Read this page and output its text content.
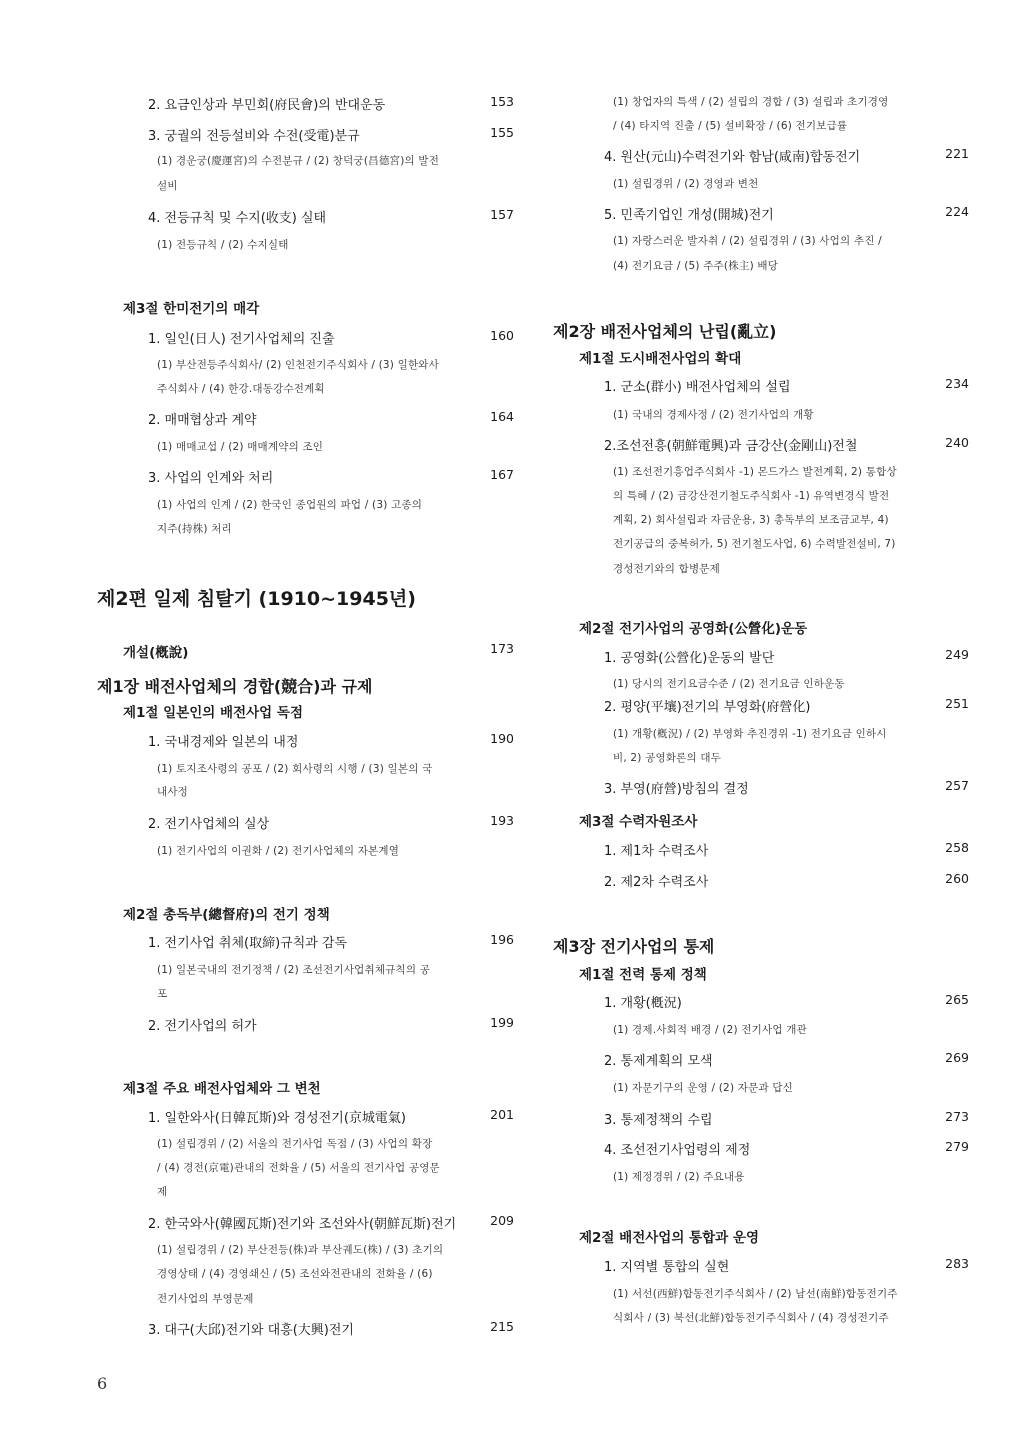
2. 요금인상과 부민회(府民會)의 반대운동	153
3. 궁궐의 전등설비와 수전(受電)분규	155
(1) 경운궁(慶運宮)의 수전분규 / (2) 창덕궁(昌德宮)의 발전
설비
4. 전등규칙 및 수지(收支) 실태	157
(1) 전등규칙 / (2) 수지실태
제3절 한미전기의 매각
1. 일인(日人) 전기사업체의 진출	160
(1) 부산전등주식회사/ (2) 인천전기주식회사 / (3) 일한와사
주식회사 / (4) 한강.대동강수전계획
2. 매매협상과 계약	164
(1) 매매교섭 / (2) 매매계약의 조인
3. 사업의 인계와 처리	167
(1) 사업의 인계 / (2) 한국인 종업원의 파업 / (3) 고종의
지주(持株) 처리
제2편 일제 침탈기 (1910~1945년)
개설(槪說)	173
제1장 배전사업체의 경합(競合)과 규제
제1절 일본인의 배전사업 독점
1. 국내경제와 일본의 내정	190
(1) 토지조사령의 공포 / (2) 회사령의 시행 / (3) 일본의 국
내사정
2. 전기사업체의 실상	193
(1) 전기사업의 이권화 / (2) 전기사업체의 자본계열
제2절 총독부(總督府)의 전기 정책
1. 전기사업 취체(取締)규칙과 감독	196
(1) 일본국내의 전기정책 / (2) 조선전기사업취체규칙의 공
포
2. 전기사업의 허가	199
제3절 주요 배전사업체와 그 변천
1. 일한와사(日韓瓦斯)와 경성전기(京城電氣)	201
(1) 설립경위 / (2) 서울의 전기사업 독점 / (3) 사업의 확장
/ (4) 경전(京電)관내의 전화율 / (5) 서울의 전기사업 공영문
제
2. 한국와사(韓國瓦斯)전기와 조선와사(朝鮮瓦斯)전기	209
(1) 설립경위 / (2) 부산전등(株)과 부산궤도(株) / (3) 초기의
경영상태 / (4) 경영쇄신 / (5) 조선와전관내의 전화율 / (6)
전기사업의 부영문제
3. 대구(大邱)전기와 대흥(大興)전기	215
(1) 창업자의 특색 / (2) 설립의 경합 / (3) 설립과 초기경영
/ (4) 타지역 진출 / (5) 설비확장 / (6) 전기보급률
4. 원산(元山)수력전기와 함남(咸南)합동전기	221
(1) 설립경위 / (2) 경영과 변천
5. 민족기업인 개성(開城)전기	224
(1) 자랑스러운 발자취 / (2) 설립경위 / (3) 사업의 추진 /
(4) 전기요금 / (5) 주주(株主) 배당
제2장 배전사업체의 난립(亂立)
제1절 도시배전사업의 확대
1. 군소(群小) 배전사업체의 설립	234
(1) 국내의 경제사정 / (2) 전기사업의 개황
2.조선전흥(朝鮮電興)과 금강산(金剛山)전철	240
(1) 조선전기흥업주식회사 -1) 몬드가스 발전계획, 2) 통합상
의 특혜 / (2) 금강산전기철도주식회사 -1) 유역변경식 발전
계획, 2) 회사설립과 자금운용, 3) 총독부의 보조금교부, 4)
전기공급의 중복허가, 5) 전기철도사업, 6) 수력발전설비, 7)
경성전기와의 합병문제
제2절 전기사업의 공영화(公營化)운동
1. 공영화(公營化)운동의 발단	249
(1) 당시의 전기요금수준 / (2) 전기요금 인하운동
2. 평양(平壤)전기의 부영화(府營化)	251
(1) 개황(槪況) / (2) 부영화 추진경위 -1) 전기요금 인하시
비, 2) 공영화론의 대두
3. 부영(府營)방침의 결정	257
제3절 수력자원조사
1. 제1차 수력조사	258
2. 제2차 수력조사	260
제3장 전기사업의 통제
제1절 전력 통제 정책
1. 개황(槪況)	265
(1) 경제.사회적 배경 / (2) 전기사업 개관
2. 통제계획의 모색	269
(1) 자문기구의 운영 / (2) 자문과 답신
3. 통제정책의 수립	273
4. 조선전기사업령의 제정	279
(1) 제정경위 / (2) 주요내용
제2절 배전사업의 통합과 운영
1. 지역별 통합의 실현	283
(1) 서선(西鮮)합동전기주식회사 / (2) 남선(南鮮)합동전기주
식회사 / (3) 북선(北鮮)합동전기주식회사 / (4) 경성전기주
6
